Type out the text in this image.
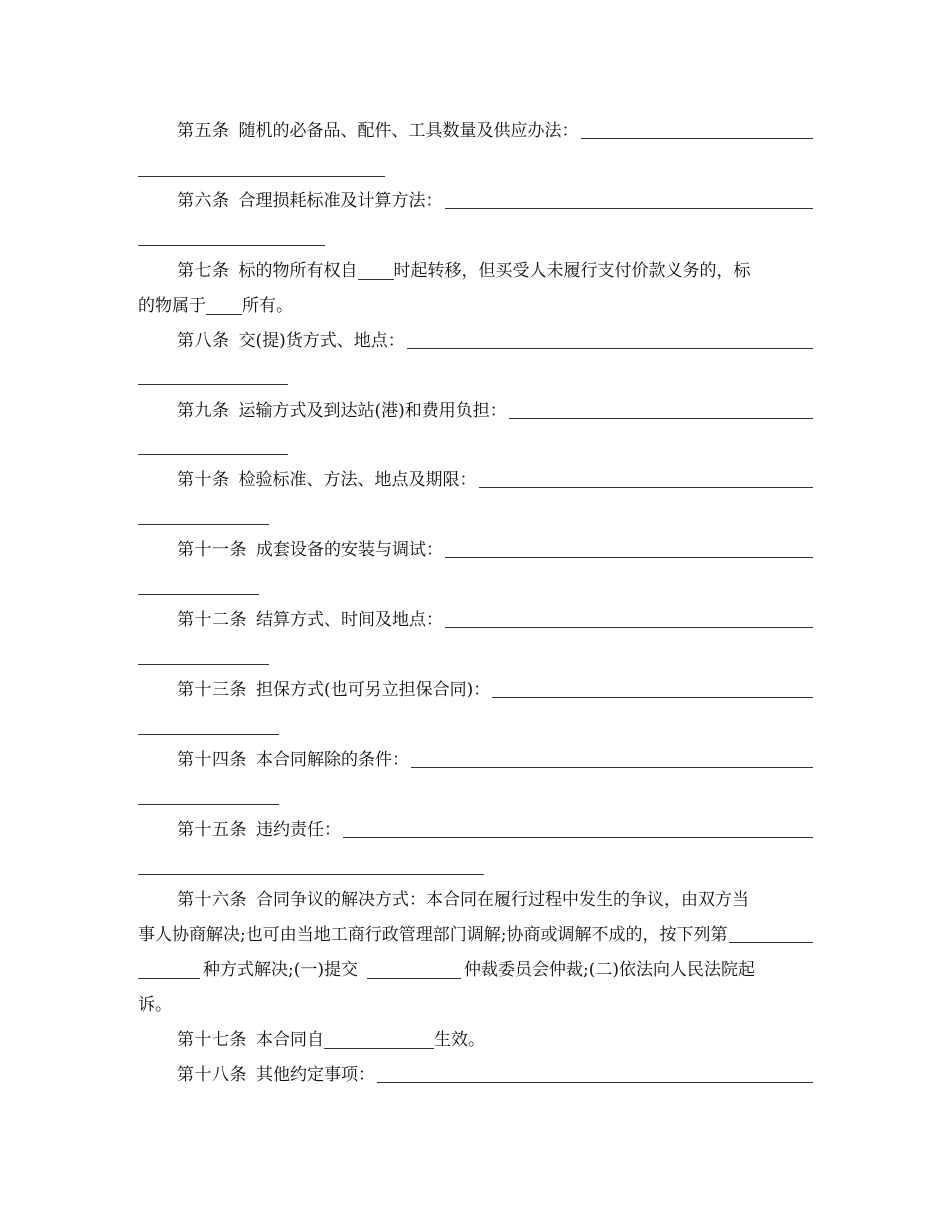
第五条 随机的必备品、配件、工具数量及供应办法：
第六条 合理损耗标准及计算方法：
第七条 标的物所有权自 时起转移，但买受人未履行支付价款义务的，标
的物属于 所有。
第八条 交(提)货方式、地点：
第九条 运输方式及到达站(港)和费用负担：
第十条 检验标准、方法、地点及期限：
第十一条 成套设备的安装与调试：
第十二条 结算方式、时间及地点：
第十三条 担保方式(也可另立担保合同)：
第十四条 本合同解除的条件：
第十五条 违约责任：
第十六条 合同争议的解决方式：本合同在履行过程中发生的争议，由双方当
事人协商解决;也可由当地工商行政管理部门调解;协商或调解不成的，按下列第
种方式解决;(一)提交	仲裁委员会仲裁;(二)依法向人民法院起
诉。
第十七条 本合同自	生效。
第十八条 其他约定事项：
